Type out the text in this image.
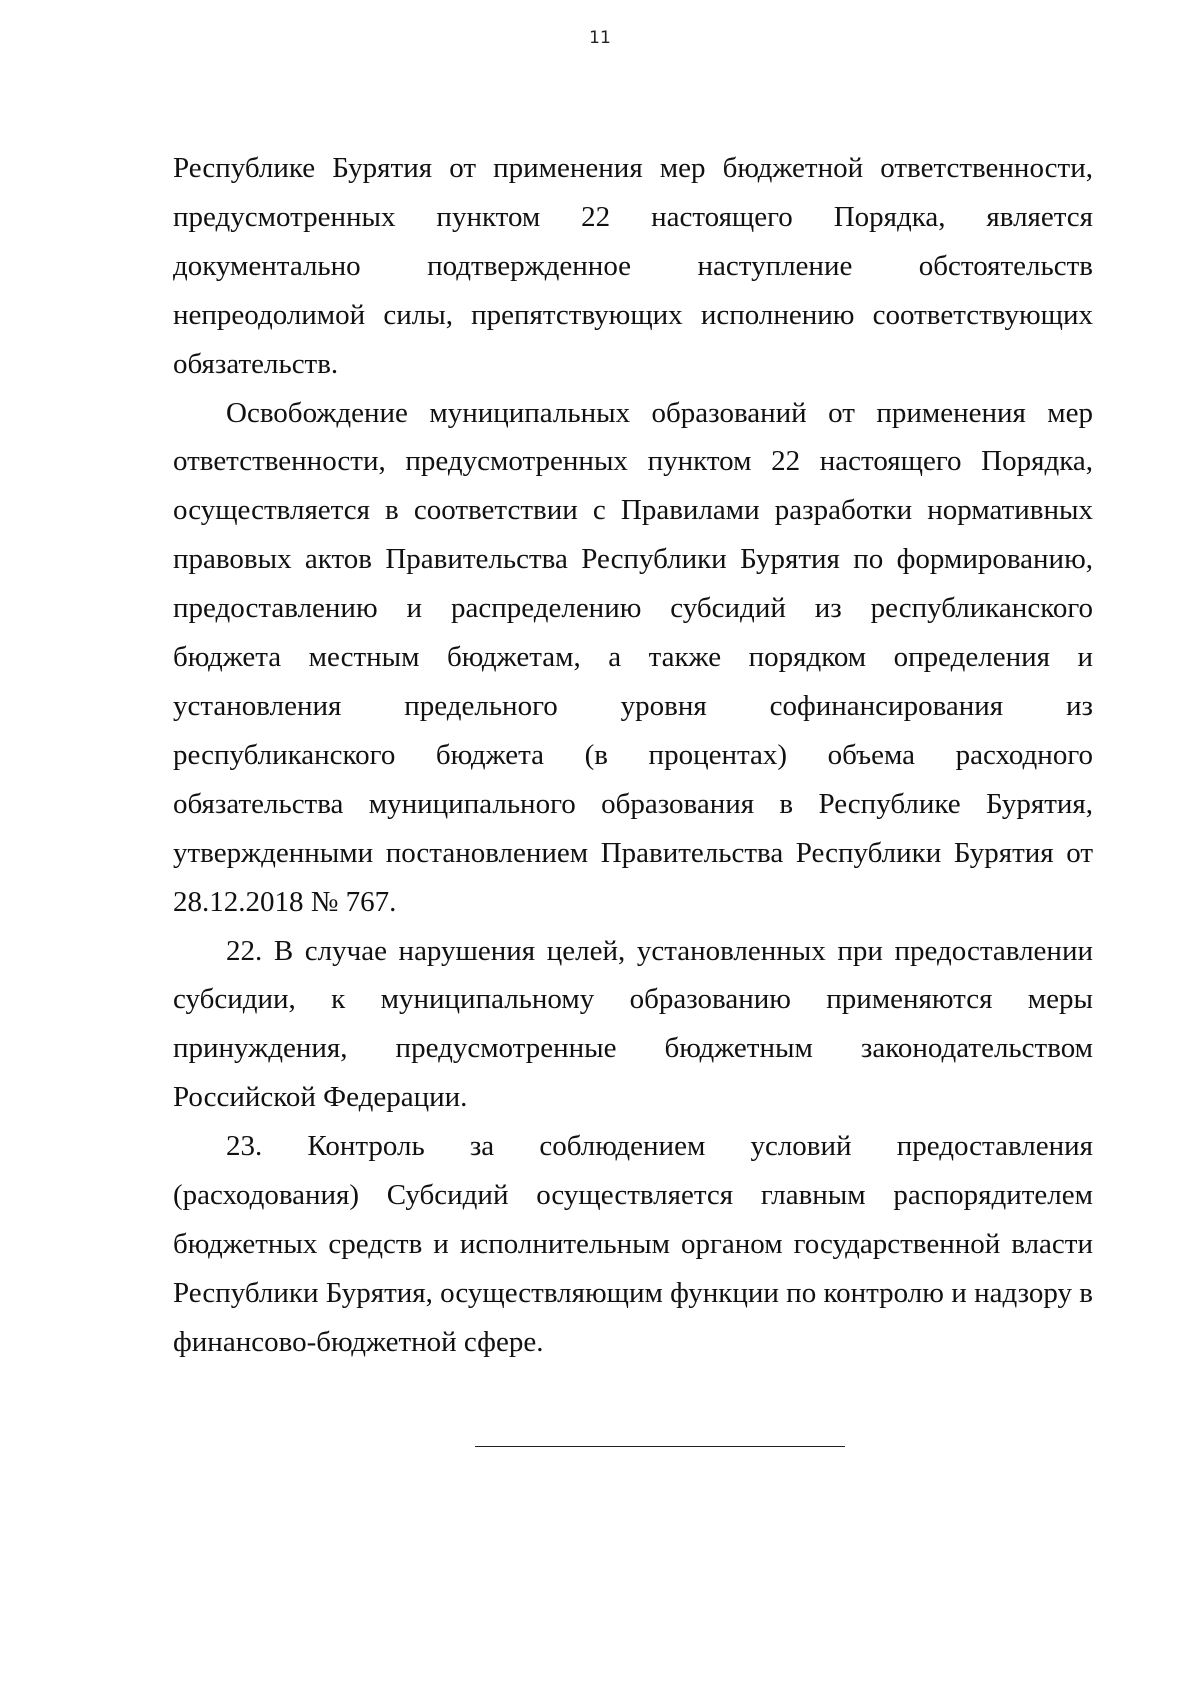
11

Республике Бурятия от применения мер бюджетной ответственности, предусмотренных пунктом 22 настоящего Порядка, является документально подтвержденное наступление обстоятельств непреодолимой силы, препятствующих исполнению соответствующих обязательств.

Освобождение муниципальных образований от применения мер ответственности, предусмотренных пунктом 22 настоящего Порядка, осуществляется в соответствии с Правилами разработки нормативных правовых актов Правительства Республики Бурятия по формированию, предоставлению и распределению субсидий из республиканского бюджета местным бюджетам, а также порядком определения и установления предельного уровня софинансирования из республиканского бюджета (в процентах) объема расходного обязательства муниципального образования в Республике Бурятия, утвержденными постановлением Правительства Республики Бурятия от 28.12.2018 № 767.

22. В случае нарушения целей, установленных при предоставлении субсидии, к муниципальному образованию применяются меры принуждения, предусмотренные бюджетным законодательством Российской Федерации.

23. Контроль за соблюдением условий предоставления (расходования) Субсидий осуществляется главным распорядителем бюджетных средств и исполнительным органом государственной власти Республики Бурятия, осуществляющим функции по контролю и надзору в финансово-бюджетной сфере.
